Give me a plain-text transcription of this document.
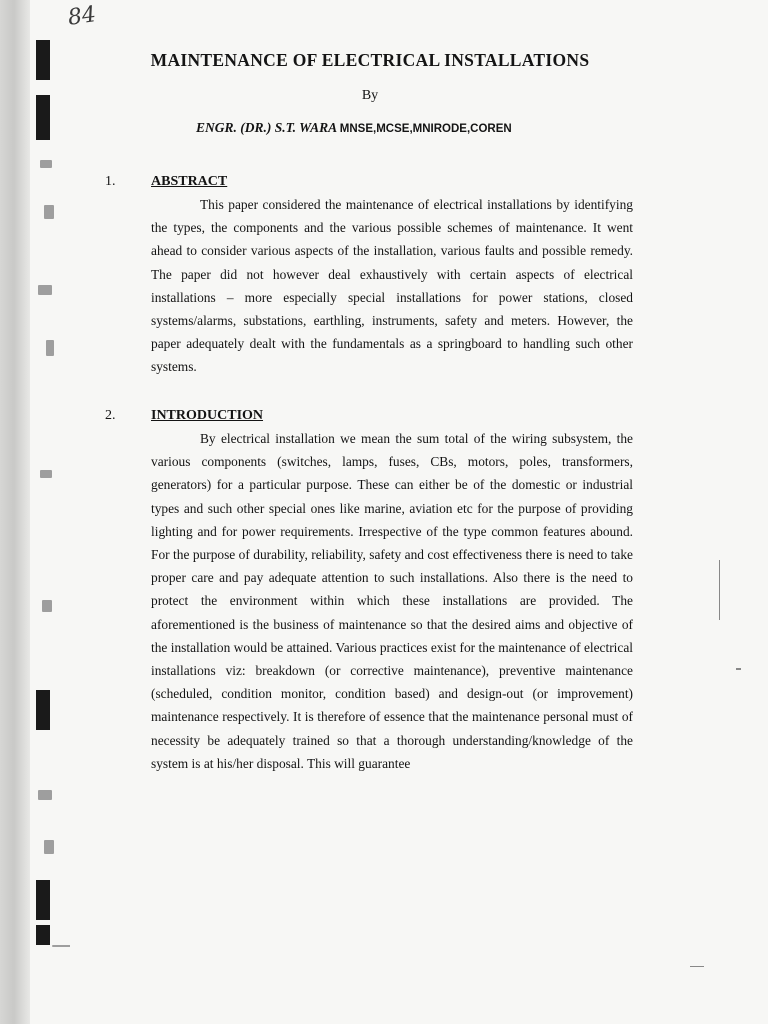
84
MAINTENANCE OF ELECTRICAL INSTALLATIONS
By
ENGR. (DR.) S.T. WARA MNSE,MCSE,MNIRODE,COREN
1.	ABSTRACT

This paper considered the maintenance of electrical installations by identifying the types, the components and the various possible schemes of maintenance. It went ahead to consider various aspects of the installation, various faults and possible remedy. The paper did not however deal exhaustively with certain aspects of electrical installations – more especially special installations for power stations, closed systems/alarms, substations, earthling, instruments, safety and meters. However, the paper adequately dealt with the fundamentals as a springboard to handling such other systems.

2.	INTRODUCTION

By electrical installation we mean the sum total of the wiring subsystem, the various components (switches, lamps, fuses, CBs, motors, poles, transformers, generators) for a particular purpose. These can either be of the domestic or industrial types and such other special ones like marine, aviation etc for the purpose of providing lighting and for power requirements. Irrespective of the type common features abound. For the purpose of durability, reliability, safety and cost effectiveness there is need to take proper care and pay adequate attention to such installations. Also there is the need to protect the environment within which these installations are provided. The aforementioned is the business of maintenance so that the desired aims and objective of the installation would be attained. Various practices exist for the maintenance of electrical installations viz: breakdown (or corrective maintenance), preventive maintenance (scheduled, condition monitor, condition based) and design-out (or improvement) maintenance respectively. It is therefore of essence that the maintenance personal must of necessity be adequately trained so that a thorough understanding/knowledge of the system is at his/her disposal. This will guarantee
